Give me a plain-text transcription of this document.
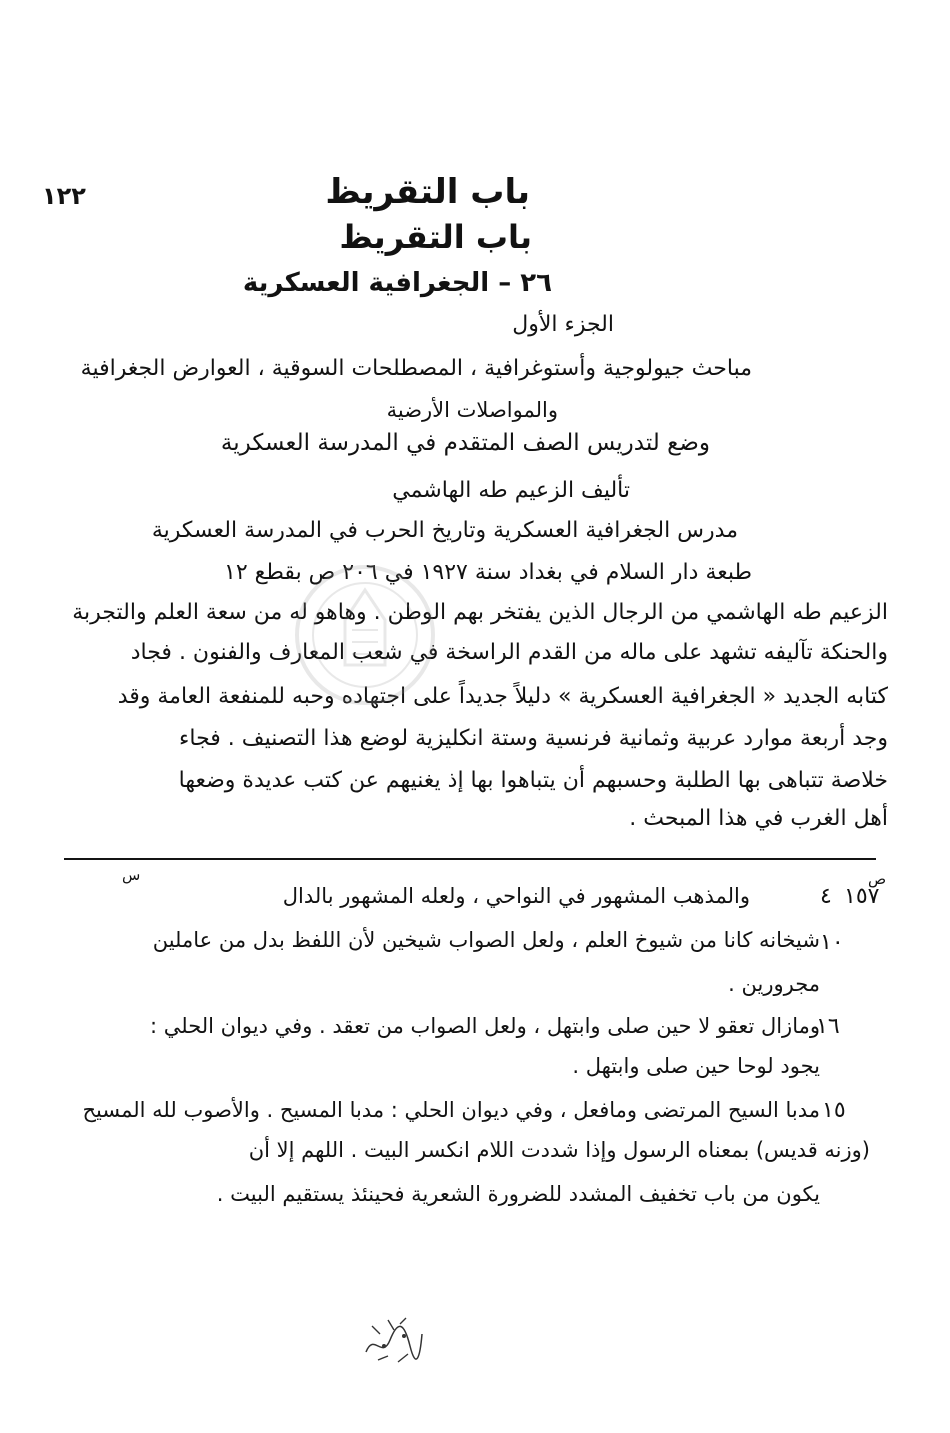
باب التقريظ
١٢٢
باب التقريظ
٢٦ – الجغرافية العسكرية
الجزء الأول
مباحث جيولوجية وأستوغرافية ، المصطلحات السوقية ، العوارض الجغرافية
والمواصلات الأرضية
وضع لتدريس الصف المتقدم في المدرسة العسكرية
تأليف الزعيم طه الهاشمي
مدرس الجغرافية العسكرية وتاريخ الحرب في المدرسة العسكرية
طبعة دار السلام في بغداد سنة ١٩٢٧ في ٢٠٦ ص بقطع ١٢
الزعيم طه الهاشمي من الرجال الذين يفتخر بهم الوطن . وهاهو له من سعة العلم والتجربة
والحنكة تآليفه تشهد على ماله من القدم الراسخة في شعب المعارف والفنون . فجاد
كتابه الجديد « الجغرافية العسكرية » دليلاً جديداً على اجتهاده وحبه للمنفعة العامة وقد
وجد أربعة موارد عربية وثمانية فرنسية وستة انكليزية لوضع هذا التصنيف . فجاء
خلاصة تتباهى بها الطلبة وحسبهم أن يتباهوا بها إذ يغنيهم عن كتب عديدة وضعها
أهل الغرب في هذا المبحث .
ص
س
١٥٧
٤
والمذهب المشهور في النواحي ، ولعله المشهور بالدال
١٠
شيخانه كانا من شيوخ العلم ، ولعل الصواب شيخين لأن اللفظ بدل من عاملين
مجرورين .
١٦
ومازال تعقو لا حين صلى وابتهل ، ولعل الصواب من تعقد . وفي ديوان الحلي :
يجود لوحا حين صلى وابتهل .
١٥
مدبا السيح المرتضى ومافعل ، وفي ديوان الحلي : مدبا المسيح . والأصوب لله المسيح
(وزنه قديس) بمعناه الرسول وإذا شددت اللام انكسر البيت . اللهم إلا أن
يكون من باب تخفيف المشدد للضرورة الشعرية فحينئذ يستقيم البيت .
